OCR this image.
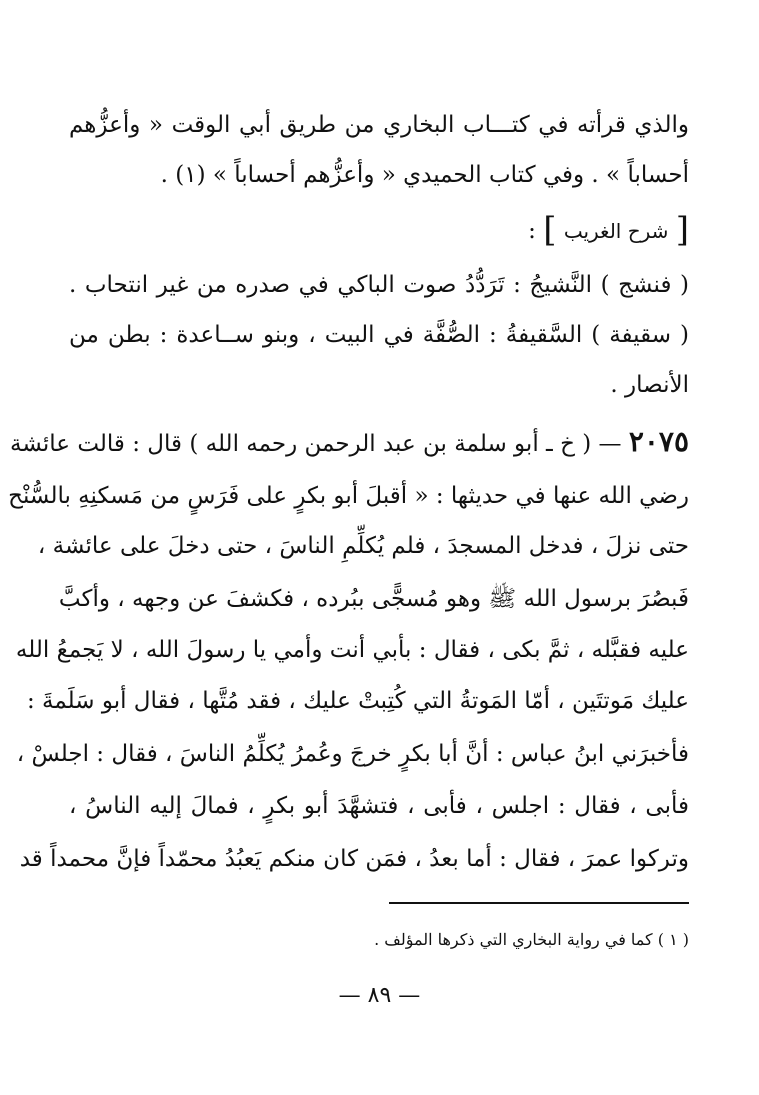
والذي قرأته في كتـــاب البخاري من طريق أبي الوقت « وأعزُّهم
أحساباً » . وفي كتاب الحميدي « وأعزُّهم أحساباً » (١) .
[ شرح الغريب ] :
( فنشج ) النَّشيجُ : تَرَدُّدُ صوت الباكي في صدره من غير انتحاب .
( سقيفة ) السَّقيفةُ : الصُّفَّة في البيت ، وبنو ســاعدة : بطن من
الأنصار .
٢٠٧٥ — ( خ ـ أبو سلمة بن عبد الرحمن رحمه الله ) قال : قالت عائشة
رضي الله عنها في حديثها : « أقبلَ أبو بكرٍ على فَرَسٍ من مَسكنِهِ بالسُّنْح
حتى نزلَ ، فدخل المسجدَ ، فلم يُكلِّمِ الناسَ ، حتى دخلَ على عائشة ،
فَبصُرَ برسول الله ﷺ وهو مُسجًّى ببُرده ، فكشفَ عن وجهه ، وأكبَّ
عليه فقبَّله ، ثمَّ بكى ، فقال : بأبي أنت وأمي يا رسولَ الله ، لا يَجمعُ الله
عليك مَوتتَين ، أمّا المَوتةُ التي كُتِبتْ عليك ، فقد مُتَّها ، فقال أبو سَلَمةَ :
فأخبرَني ابنُ عباس : أنَّ أبا بكرٍ خرجَ وعُمرُ يُكلِّمُ الناسَ ، فقال : اجلسْ ،
فأبى ، فقال : اجلس ، فأبى ، فتشهَّدَ أبو بكرٍ ، فمالَ إليه الناسُ ،
وتركوا عمرَ ، فقال : أما بعدُ ، فمَن كان منكم يَعبُدُ محمّداً فإنَّ محمداً قد
( ١ ) كما في رواية البخاري التي ذكرها المؤلف .
— ٨٩ —
